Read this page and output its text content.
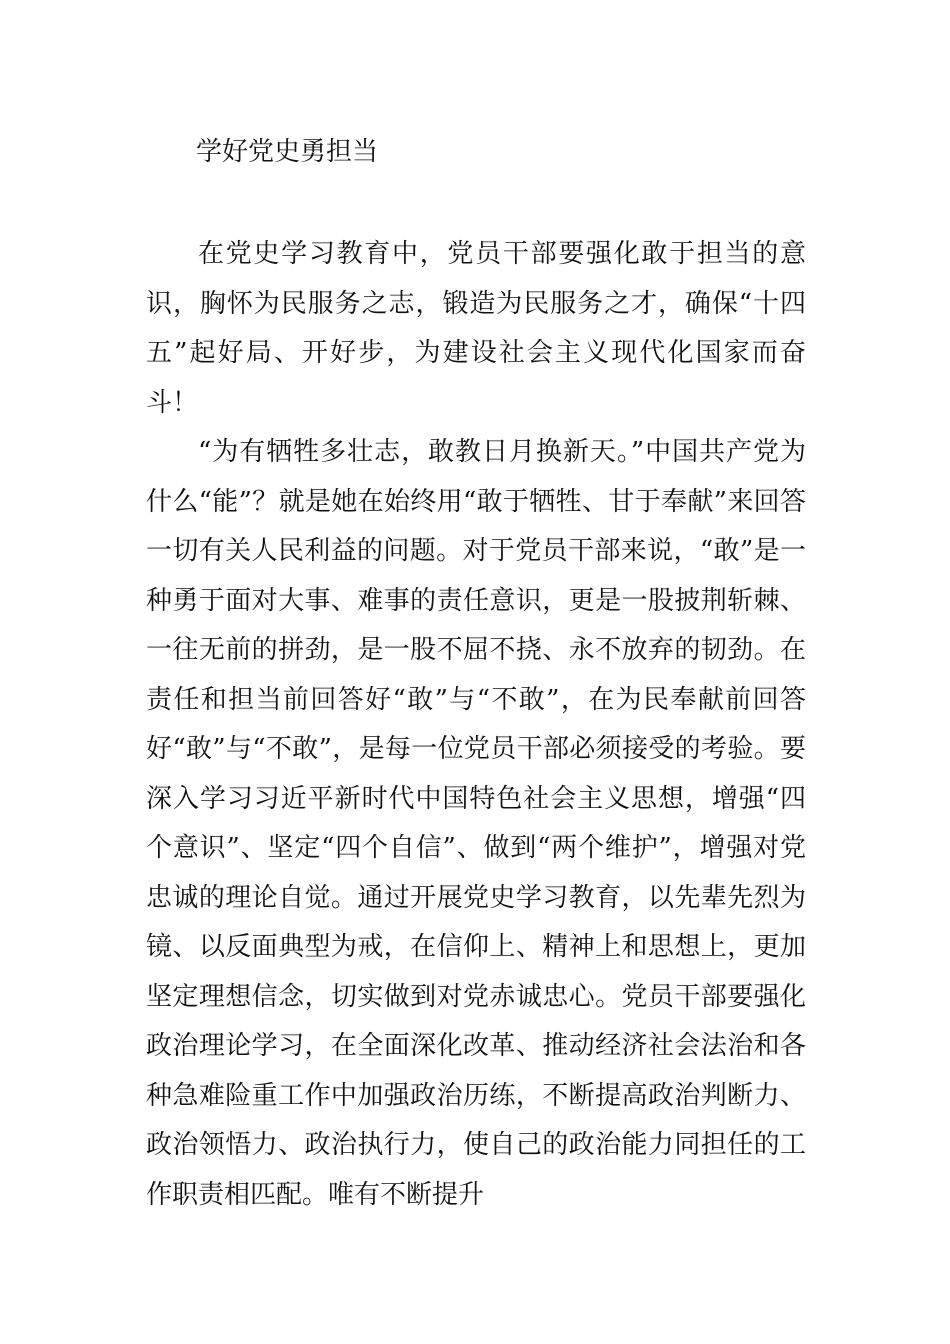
学好党史勇担当

在党史学习教育中，党员干部要强化敢于担当的意识，胸怀为民服务之志，锻造为民服务之才，确保“十四五”起好局、开好步，为建设社会主义现代化国家而奋斗！

“为有牺牲多壮志，敢教日月换新天。”中国共产党为什么“能”？就是她在始终用“敢于牺牲、甘于奉献”来回答一切有关人民利益的问题。对于党员干部来说，“敢”是一种勇于面对大事、难事的责任意识，更是一股披荆斩棘、一往无前的拼劲，是一股不屈不挠、永不放弃的韧劲。在责任和担当前回答好“敢”与“不敢”，在为民奉献前回答好“敢”与“不敢”，是每一位党员干部必须接受的考验。要深入学习习近平新时代中国特色社会主义思想，增强“四个意识”、坚定“四个自信”、做到“两个维护”，增强对党忠诚的理论自觉。通过开展党史学习教育，以先辈先烈为镜、以反面典型为戒，在信仰上、精神上和思想上，更加坚定理想信念，切实做到对党赤诚忠心。党员干部要强化政治理论学习，在全面深化改革、推动经济社会法治和各种急难险重工作中加强政治历练，不断提高政治判断力、政治领悟力、政治执行力，使自己的政治能力同担任的工作职责相匹配。唯有不断提升
